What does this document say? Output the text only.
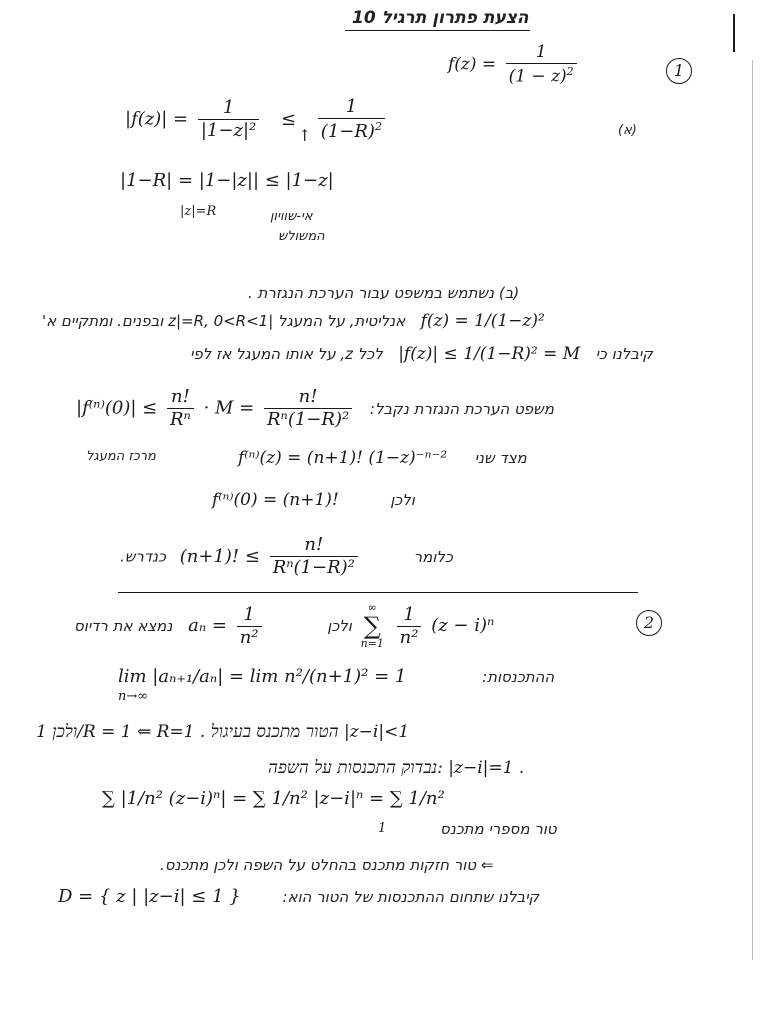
הצעת פתרון תרגיל 10
$f(z) = \frac{1}{(1 - z)^2}$	1
$|f(z)| = \frac{1}{\text{|1−z|²}} \le \frac{1}{(1-R)^2}$
↑	(א)
|1−R| = |1−|z|| ≤ |1−z|
|z|=R	אי-שוויון
המשולש
(ב) נשתמש במשפט עבור הערכת הנגזרת .
אנליטית, על המעגל |z|=R, 0<R<1 ובפנים. ומתקיים א' f(z) = 1/(1−z)²
לכל z, על אותו המעגל אז לפי |f(z)| ≤ 1/(1−R)² = M קיבלנו כי
$|f^{(n)}(0)| \le \frac{n!}{\text{Rⁿ}} \cdot M = \frac{n!}{\text{Rⁿ(1−R)²}}$ משפט הערכת הנגזרת נקבל:
מרכז המעגל	f⁽ⁿ⁾(z) = (n+1)! (1−z)⁻ⁿ⁻² מצד שני
f⁽ⁿ⁾(0) = (n+1)!	ולכן
כנדרש. (n+1)! ≤ $\frac{n!}{\text{Rⁿ(1−R)²}}$	כלומר
2
נמצא את רדיוס $a_n = \frac{1}{\text{n²}}$	ולכן ∞
∑
$n=1 \frac{1}{\text{n²}} (z - i)^n$
lim |aₙ₊₁/aₙ| = lim n²/(n+1)² = 1	ההתכנסות:
n→∞
ולכן 1/R = 1 ⇐ R=1 . הטור מתכנס בעיגול |z−i|<1
נבדוק התכנסות על השפה: |z−i|=1 .
∑ |1/n² (z−i)ⁿ| = ∑ 1/n² |z−i|ⁿ = ∑ 1/n²
1	טור מספרי מתכנס
⇐ טור חזקות מתכנס בהחלט על השפה ולכן מתכנס.
D = { z | |z−i| ≤ 1 }	קיבלנו שתחום ההתכנסות של הטור הוא:
